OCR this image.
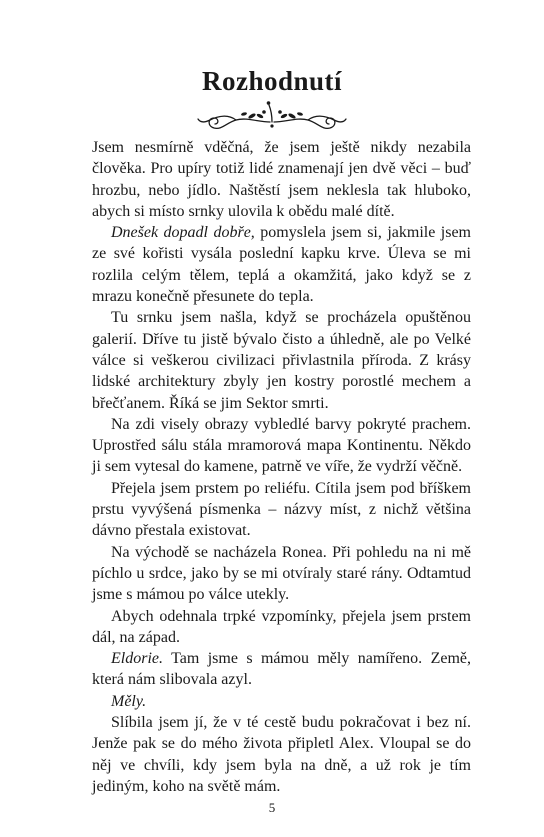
Rozhodnutí

Jsem nesmírně vděčná, že jsem ještě nikdy nezabila člověka. Pro upíry totiž lidé znamenají jen dvě věci – buď hrozbu, nebo jídlo. Naštěstí jsem neklesla tak hluboko, abych si místo srnky ulovila k obědu malé dítě.

Dnešek dopadl dobře, pomyslela jsem si, jakmile jsem ze své kořisti vysála poslední kapku krve. Úleva se mi rozlila celým tělem, teplá a okamžitá, jako když se z mrazu konečně přesunete do tepla.

Tu srnku jsem našla, když se procházela opuštěnou galerií. Dříve tu jistě bývalo čisto a úhledně, ale po Velké válce si veškerou civilizaci přivlastnila příroda. Z krásy lidské architektury zbyly jen kostry porostlé mechem a břečťanem. Říká se jim Sektor smrti.

Na zdi visely obrazy vybledlé barvy pokryté prachem. Uprostřed sálu stála mramorová mapa Kontinentu. Někdo ji sem vytesal do kamene, patrně ve víře, že vydrží věčně.

Přejela jsem prstem po reliéfu. Cítila jsem pod bříškem prstu vyvýšená písmenka – názvy míst, z nichž většina dávno přestala existovat.

Na východě se nacházela Ronea. Při pohledu na ni mě píchlo u srdce, jako by se mi otvíraly staré rány. Odtamtud jsme s mámou po válce utekly.

Abych odehnala trpké vzpomínky, přejela jsem prstem dál, na západ.

Eldorie. Tam jsme s mámou měly namířeno. Země, která nám slibovala azyl.

Měly.

Slíbila jsem jí, že v té cestě budu pokračovat i bez ní. Jenže pak se do mého života připletl Alex. Vloupal se do něj ve chvíli, kdy jsem byla na dně, a už rok je tím jediným, koho na světě mám.

5
